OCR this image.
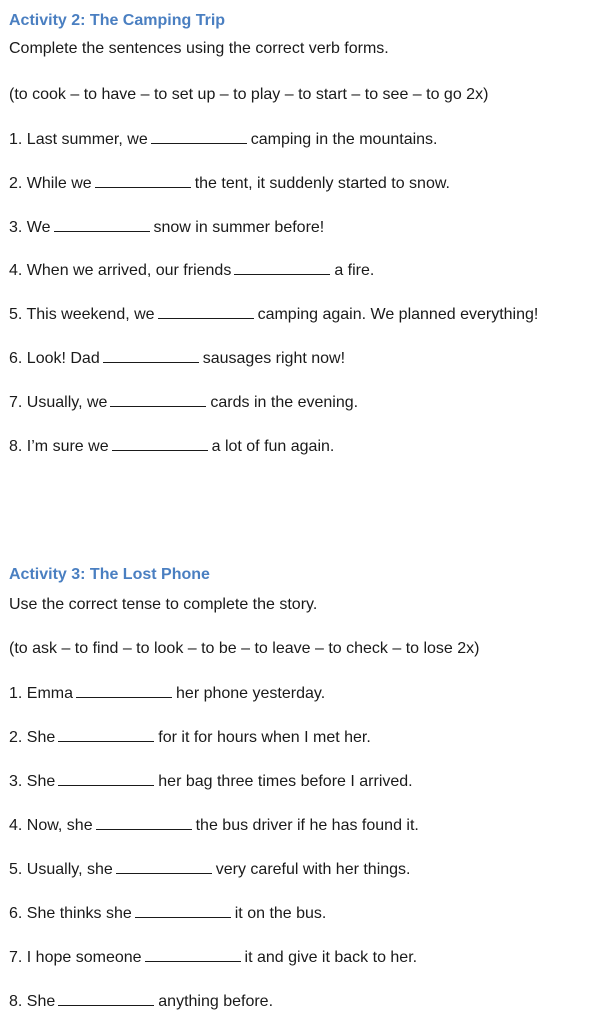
Activity 2: The Camping Trip
Complete the sentences using the correct verb forms.
(to cook – to have – to set up – to play – to start – to see – to go 2x)
1. Last summer, we	camping in the mountains.
2. While we	the tent, it suddenly started to snow.
3. We	snow in summer before!
4. When we arrived, our friends	a fire.
5. This weekend, we	camping again. We planned everything!
6. Look! Dad	sausages right now!
7. Usually, we	cards in the evening.
8. I’m sure we	a lot of fun again.
Activity 3: The Lost Phone
Use the correct tense to complete the story.
(to ask – to find – to look – to be – to leave – to check – to lose 2x)
1. Emma	her phone yesterday.
2. She	for it for hours when I met her.
3. She	her bag three times before I arrived.
4. Now, she	the bus driver if he has found it.
5. Usually, she	very careful with her things.
6. She thinks she	it on the bus.
7. I hope someone	it and give it back to her.
8. She	anything before.
